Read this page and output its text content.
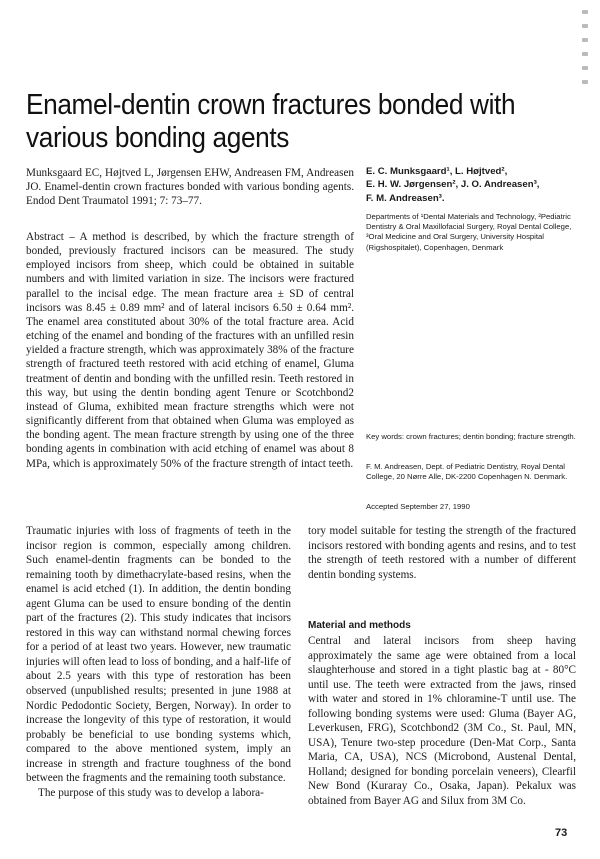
Enamel-dentin crown fractures bonded with various bonding agents

Munksgaard EC, Højtved L, Jørgensen EHW, Andreasen FM, Andreasen JO. Enamel-dentin crown fractures bonded with various bonding agents. Endod Dent Traumatol 1991; 7: 73–77.

Abstract – A method is described, by which the fracture strength of bonded, previously fractured incisors can be measured. The study employed incisors from sheep, which could be obtained in suitable numbers and with limited variation in size. The incisors were fractured parallel to the incisal edge. The mean fracture area ± SD of central incisors was 8.45 ± 0.89 mm² and of lateral incisors 6.50 ± 0.64 mm². The enamel area constituted about 30% of the total fracture area. Acid etching of the enamel and bonding of the fractures with an unfilled resin yielded a fracture strength, which was approximately 38% of the fracture strength of fractured teeth restored with acid etching of enamel, Gluma treatment of dentin and bonding with the unfilled resin. Teeth restored in this way, but using the dentin bonding agent Tenure or Scotchbond2 instead of Gluma, exhibited mean fracture strengths which were not significantly different from that obtained when Gluma was employed as the bonding agent. The mean fracture strength by using one of the three bonding agents in combination with acid etching of enamel was about 8 MPa, which is approximately 50% of the fracture strength of intact teeth.

E. C. Munksgaard¹, L. Højtved²,
E. H. W. Jørgensen², J. O. Andreasen³,
F. M. Andreasen³.

Departments of ¹Dental Materials and Technology, ²Pediatric Dentistry & Oral Maxillofacial Surgery, Royal Dental College, ³Oral Medicine and Oral Surgery, University Hospital (Rigshospitalet), Copenhagen, Denmark

Key words: crown fractures; dentin bonding; fracture strength.

F. M. Andreasen, Dept. of Pediatric Dentistry, Royal Dental College, 20 Nørre Alle, DK-2200 Copenhagen N. Denmark.

Accepted September 27, 1990

Traumatic injuries with loss of fragments of teeth in the incisor region is common, especially among children. Such enamel-dentin fragments can be bonded to the remaining tooth by dimethacrylate-based resins, when the enamel is acid etched (1). In addition, the dentin bonding agent Gluma can be used to ensure bonding of the dentin part of the fractures (2). This study indicates that incisors restored in this way can withstand normal chewing forces for a period of at least two years. However, new traumatic injuries will often lead to loss of bonding, and a half-life of about 2.5 years with this type of restoration has been observed (unpublished results; presented in june 1988 at Nordic Pedodontic Society, Bergen, Norway). In order to increase the longevity of this type of restoration, it would probably be beneficial to use bonding systems which, compared to the above mentioned system, imply an increase in strength and fracture toughness of the bond between the fragments and the remaining tooth substance.

The purpose of this study was to develop a labora-

tory model suitable for testing the strength of the fractured incisors restored with bonding agents and resins, and to test the strength of teeth restored with a number of different dentin bonding systems.

Material and methods

Central and lateral incisors from sheep having approximately the same age were obtained from a local slaughterhouse and stored in a tight plastic bag at - 80°C until use. The teeth were extracted from the jaws, rinsed with water and stored in 1% chloramine-T until use. The following bonding systems were used: Gluma (Bayer AG, Leverkusen, FRG), Scotchbond2 (3M Co., St. Paul, MN, USA), Tenure two-step procedure (Den-Mat Corp., Santa Maria, CA, USA), NCS (Microbond, Austenal Dental, Holland; designed for bonding porcelain veneers), Clearfil New Bond (Kuraray Co., Osaka, Japan). Pekalux was obtained from Bayer AG and Silux from 3M Co.

73
